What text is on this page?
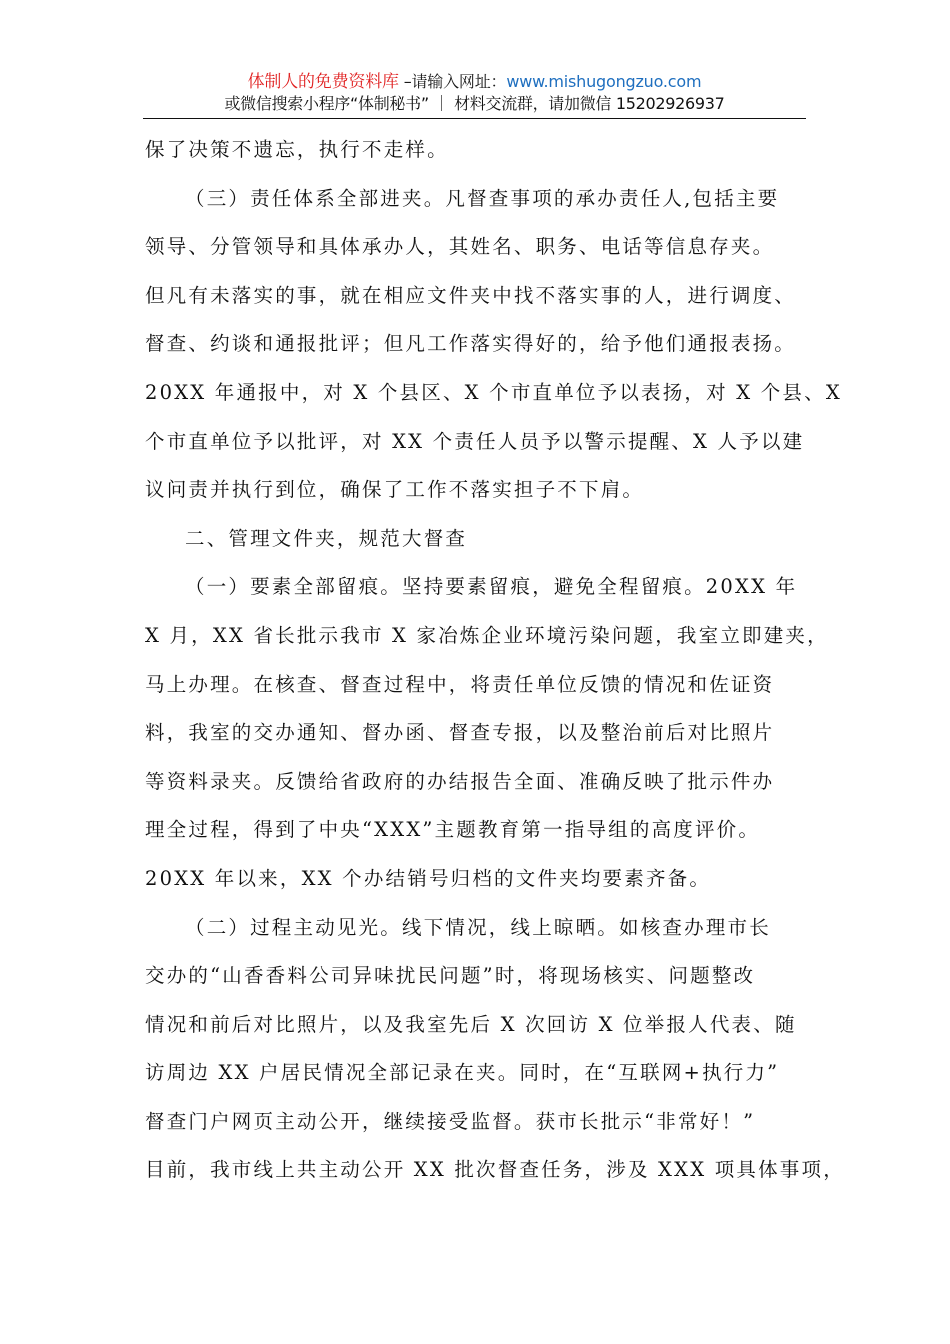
体制人的免费资料库 –请输入网址：www.mishugongzuo.com
或微信搜索小程序“体制秘书” ｜ 材料交流群，请加微信 15202926937
保了决策不遗忘，执行不走样。
（三）责任体系全部进夹。凡督查事项的承办责任人,包括主要
领导、分管领导和具体承办人，其姓名、职务、电话等信息存夹。
但凡有未落实的事，就在相应文件夹中找不落实事的人，进行调度、
督查、约谈和通报批评；但凡工作落实得好的，给予他们通报表扬。
20XX 年通报中，对 X 个县区、X 个市直单位予以表扬，对 X 个县、X
个市直单位予以批评，对 XX 个责任人员予以警示提醒、X 人予以建
议问责并执行到位，确保了工作不落实担子不下肩。
二、管理文件夹，规范大督查
（一）要素全部留痕。坚持要素留痕，避免全程留痕。20XX 年
X 月，XX 省长批示我市 X 家冶炼企业环境污染问题，我室立即建夹，
马上办理。在核查、督查过程中，将责任单位反馈的情况和佐证资
料，我室的交办通知、督办函、督查专报，以及整治前后对比照片
等资料录夹。反馈给省政府的办结报告全面、准确反映了批示件办
理全过程，得到了中央“XXX”主题教育第一指导组的高度评价。
20XX 年以来，XX 个办结销号归档的文件夹均要素齐备。
（二）过程主动见光。线下情况，线上晾晒。如核查办理市长
交办的“山香香料公司异味扰民问题”时，将现场核实、问题整改
情况和前后对比照片，以及我室先后 X 次回访 X 位举报人代表、随
访周边 XX 户居民情况全部记录在夹。同时，在“互联网+执行力”
督查门户网页主动公开，继续接受监督。获市长批示“非常好！”
目前，我市线上共主动公开 XX 批次督查任务，涉及 XXX 项具体事项，
